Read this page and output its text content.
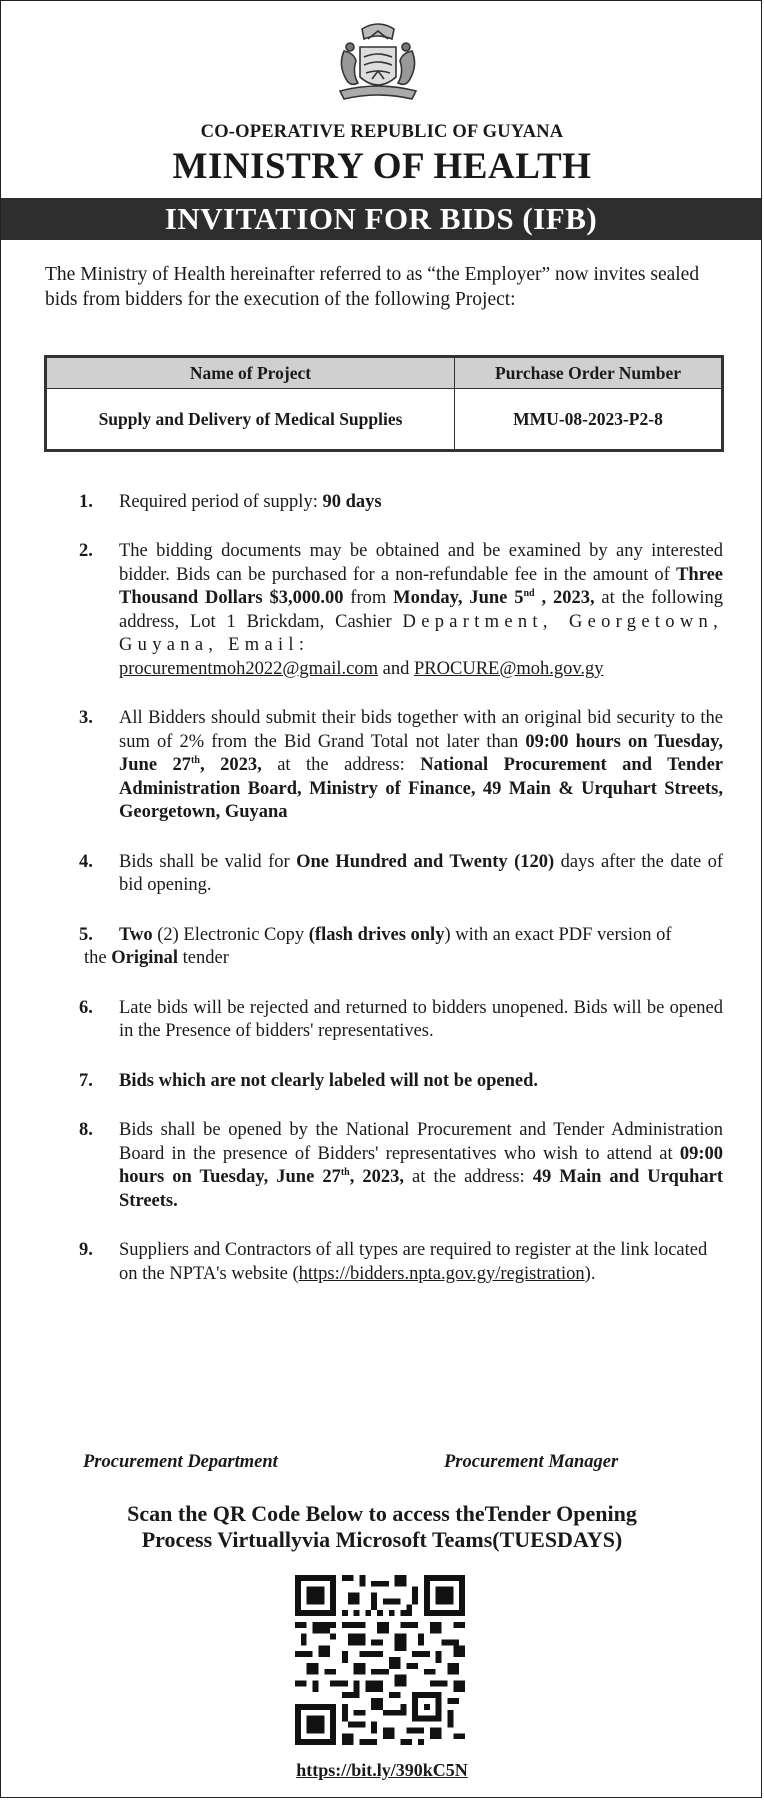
CO-OPERATIVE REPUBLIC OF GUYANA
MINISTRY OF HEALTH
INVITATION FOR BIDS (IFB)
The Ministry of Health hereinafter referred to as “the Employer” now invites sealed bids from bidders for the execution of the following Project:
Name of Project	Purchase Order Number
Supply and Delivery of Medical Supplies	MMU-08-2023-P2-8
1. Required period of supply: 90 days
2. The bidding documents may be obtained and be examined by any interested bidder. Bids can be purchased for a non-refundable fee in the amount of Three Thousand Dollars $3,000.00 from Monday, June 5nd , 2023, at the following address, Lot 1 Brickdam, Cashier Department, Georgetown, Guyana, Email:
procurementmoh2022@gmail.com and PROCURE@moh.gov.gy
3. All Bidders should submit their bids together with an original bid security to the sum of 2% from the Bid Grand Total not later than 09:00 hours on Tuesday, June 27th, 2023, at the address: National Procurement and Tender Administration Board, Ministry of Finance, 49 Main & Urquhart Streets, Georgetown, Guyana
4. Bids shall be valid for One Hundred and Twenty (120) days after the date of bid opening.
5. Two (2) Electronic Copy (flash drives only) with an exact PDF version of
the Original tender
6. Late bids will be rejected and returned to bidders unopened. Bids will be opened in the Presence of bidders' representatives.
7. Bids which are not clearly labeled will not be opened.
8. Bids shall be opened by the National Procurement and Tender Administration Board in the presence of Bidders' representatives who wish to attend at 09:00 hours on Tuesday, June 27th, 2023, at the address: 49 Main and Urquhart Streets.
9. Suppliers and Contractors of all types are required to register at the link located on the NPTA's website (https://bidders.npta.gov.gy/registration).
Procurement Department	Procurement Manager
Scan the QR Code Below to access theTender Opening
Process Virtuallyvia Microsoft Teams(TUESDAYS)
https://bit.ly/390kC5N
